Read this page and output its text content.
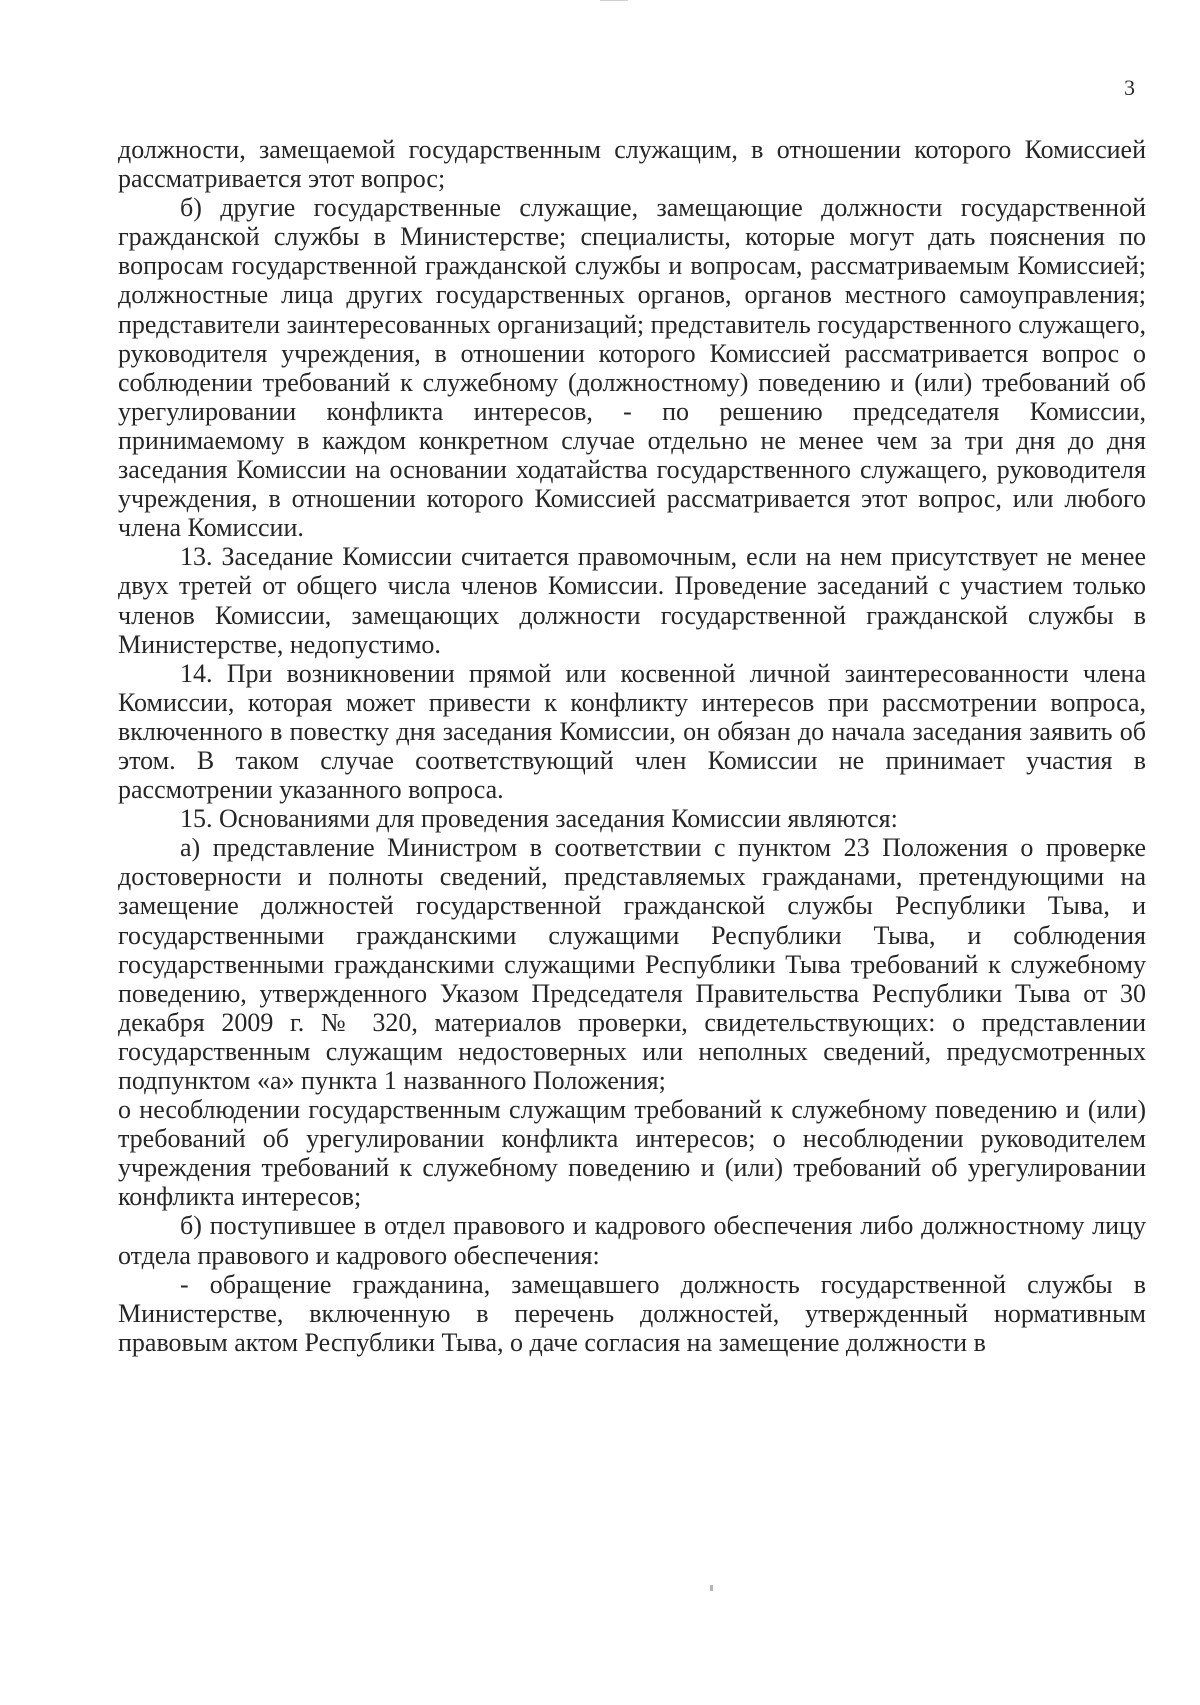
3

должности, замещаемой государственным служащим, в отношении которого Комиссией рассматривается этот вопрос;

б) другие государственные служащие, замещающие должности государственной гражданской службы в Министерстве; специалисты, которые могут дать пояснения по вопросам государственной гражданской службы и вопросам, рассматриваемым Комиссией; должностные лица других государственных органов, органов местного самоуправления; представители заинтересованных организаций; представитель государственного служащего, руководителя учреждения, в отношении которого Комиссией рассматривается вопрос о соблюдении требований к служебному (должностному) поведению и (или) требований об урегулировании конфликта интересов, - по решению председателя Комиссии, принимаемому в каждом конкретном случае отдельно не менее чем за три дня до дня заседания Комиссии на основании ходатайства государственного служащего, руководителя учреждения, в отношении которого Комиссией рассматривается этот вопрос, или любого члена Комиссии.

13. Заседание Комиссии считается правомочным, если на нем присутствует не менее двух третей от общего числа членов Комиссии. Проведение заседаний с участием только членов Комиссии, замещающих должности государственной гражданской службы в Министерстве, недопустимо.

14. При возникновении прямой или косвенной личной заинтересованности члена Комиссии, которая может привести к конфликту интересов при рассмотрении вопроса, включенного в повестку дня заседания Комиссии, он обязан до начала заседания заявить об этом. В таком случае соответствующий член Комиссии не принимает участия в рассмотрении указанного вопроса.

15. Основаниями для проведения заседания Комиссии являются:

а) представление Министром в соответствии с пунктом 23 Положения о проверке достоверности и полноты сведений, представляемых гражданами, претендующими на замещение должностей государственной гражданской службы Республики Тыва, и государственными гражданскими служащими Республики Тыва, и соблюдения государственными гражданскими служащими Республики Тыва требований к служебному поведению, утвержденного Указом Председателя Правительства Республики Тыва от 30 декабря 2009 г. № 320, материалов проверки, свидетельствующих: о представлении государственным служащим недостоверных или неполных сведений, предусмотренных подпунктом «а» пункта 1 названного Положения;

о несоблюдении государственным служащим требований к служебному поведению и (или) требований об урегулировании конфликта интересов; о несоблюдении руководителем учреждения требований к служебному поведению и (или) требований об урегулировании конфликта интересов;

б) поступившее в отдел правового и кадрового обеспечения либо должностному лицу отдела правового и кадрового обеспечения:

- обращение гражданина, замещавшего должность государственной службы в Министерстве, включенную в перечень должностей, утвержденный нормативным правовым актом Республики Тыва, о даче согласия на замещение должности в
